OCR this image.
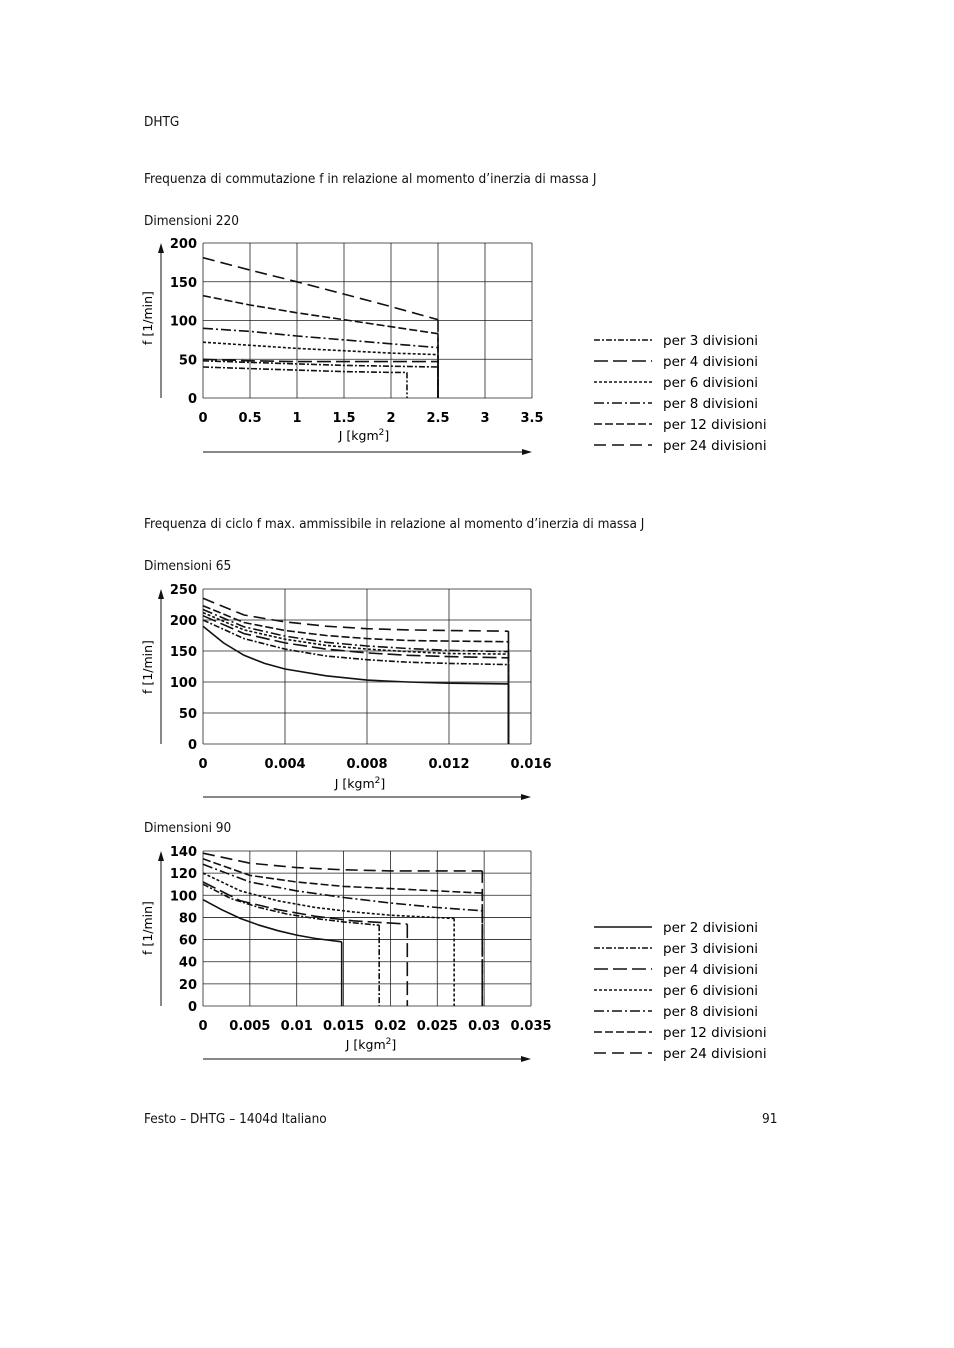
DHTG
Frequenza di commutazione f in relazione al momento d’inerzia di massa J
Dimensioni 220
Frequenza di ciclo f max. ammissibile in relazione al momento d’inerzia di massa J
Dimensioni 65
Dimensioni 90
Festo – DHTG – 1404d Italiano	91
0 0.5 1 1.5 2 2.5 3 3.5
0
50
100
150
200
J [kgm$^2$]
f [1/min]	per 3 divisioni
per 4 divisioni
per 6 divisioni
per 8 divisioni
per 12 divisioni
per 24 divisioni
0	0.004	0.008	0.012	0.016
0
50
100
150
200
250
J [kgm$^2$]
f [1/min]
0 0.005 0.01 0.015 0.02 0.025 0.03 0.035
0
20
40
60
80
100
120
140
J [kgm$^2$]
f [1/min]	per 2 divisioni
per 3 divisioni
per 4 divisioni
per 6 divisioni
per 8 divisioni
per 12 divisioni
per 24 divisioni
